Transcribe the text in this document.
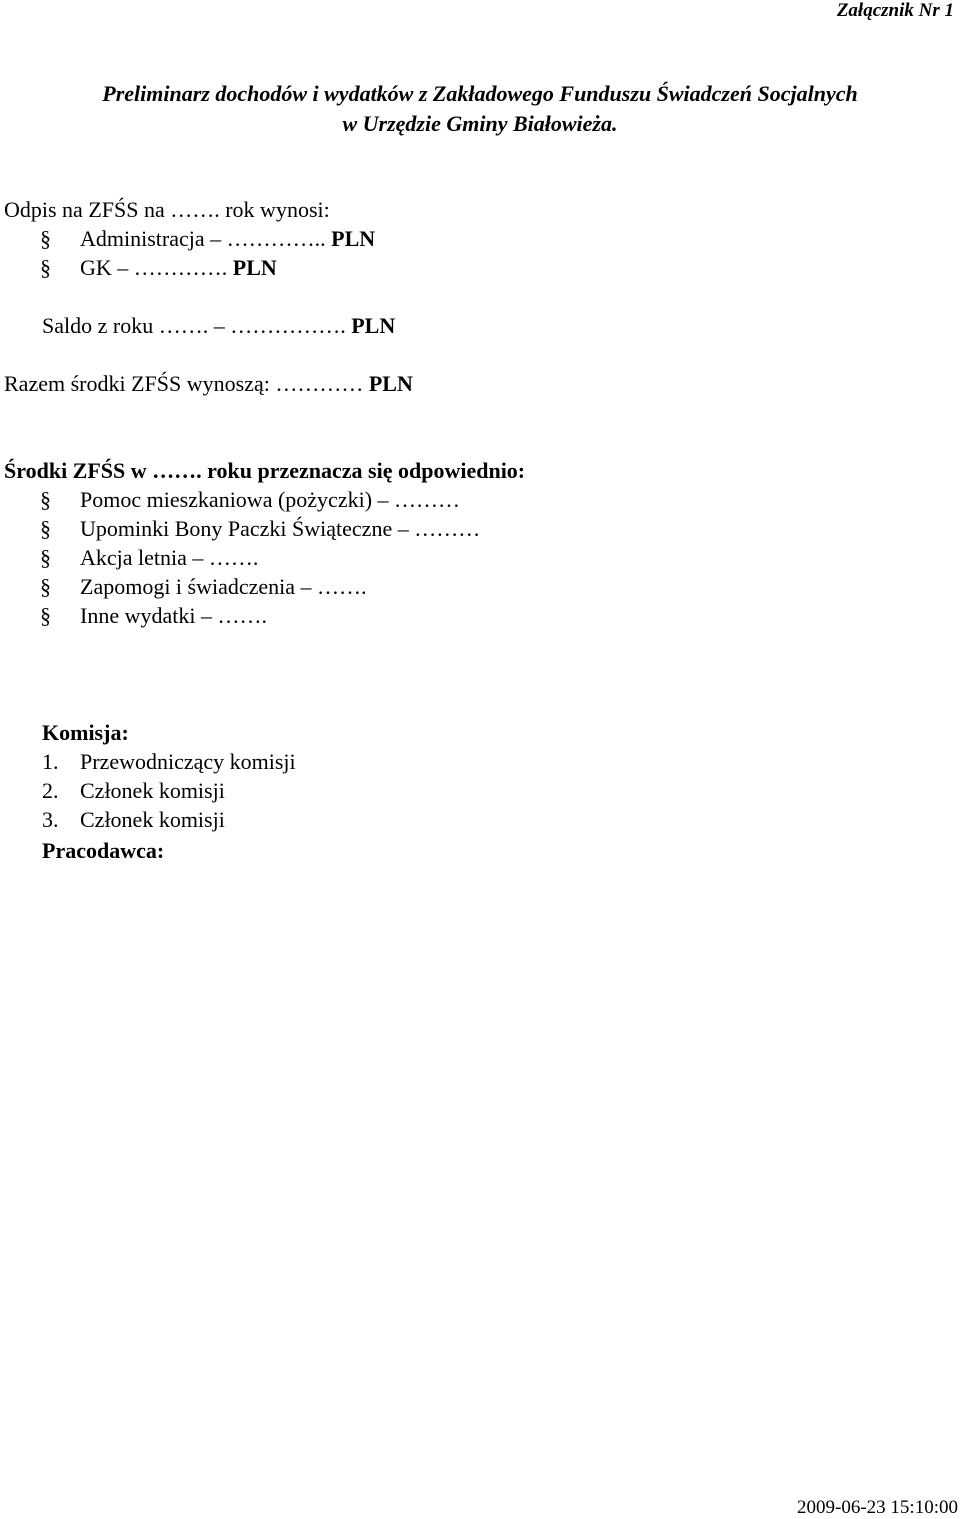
Załącznik Nr 1
Preliminarz dochodów i wydatków z Zakładowego Funduszu Świadczeń Socjalnych
w Urzędzie Gminy Białowieża.
Odpis na ZFŚS na ……. rok wynosi:
§	Administracja – …………..
PLN
§	GK – ………….
PLN
Saldo z roku ……. – ……………. PLN
Razem środki ZFŚS wynoszą: ………… PLN
Środki ZFŚS w ……. roku przeznacza się odpowiednio:
§	Pomoc mieszkaniowa (pożyczki) – ………
§	Upominki Bony Paczki Świąteczne – ………
§	Akcja letnia – …….
§	Zapomogi i świadczenia – …….
§	Inne wydatki – …….
Komisja:
1. Przewodniczący komisji
2. Członek komisji
3. Członek komisji
Pracodawca:
2009-06-23 15:10:00
